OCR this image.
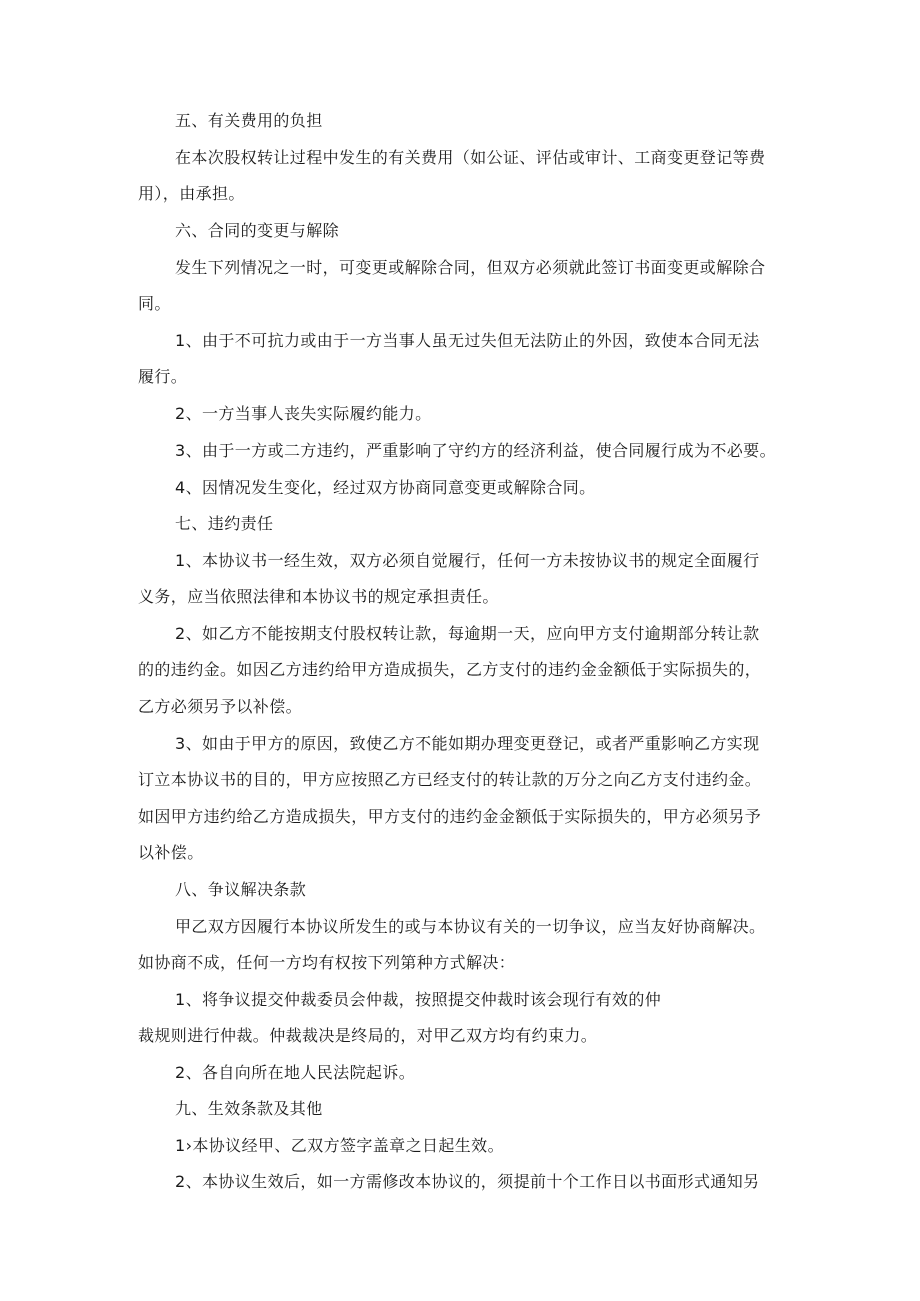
五、有关费用的负担
在本次股权转让过程中发生的有关费用（如公证、评估或审计、工商变更登记等费
用），由承担。
六、合同的变更与解除
发生下列情况之一时，可变更或解除合同，但双方必须就此签订书面变更或解除合
同。
1、由于不可抗力或由于一方当事人虽无过失但无法防止的外因，致使本合同无法
履行。
2、一方当事人丧失实际履约能力。
3、由于一方或二方违约，严重影响了守约方的经济利益，使合同履行成为不必要。
4、因情况发生变化，经过双方协商同意变更或解除合同。
七、违约责任
1、本协议书一经生效，双方必须自觉履行，任何一方未按协议书的规定全面履行
义务，应当依照法律和本协议书的规定承担责任。
2、如乙方不能按期支付股权转让款，每逾期一天，应向甲方支付逾期部分转让款
的的违约金。如因乙方违约给甲方造成损失，乙方支付的违约金金额低于实际损失的，
乙方必须另予以补偿。
3、如由于甲方的原因，致使乙方不能如期办理变更登记，或者严重影响乙方实现
订立本协议书的目的，甲方应按照乙方已经支付的转让款的万分之向乙方支付违约金。
如因甲方违约给乙方造成损失，甲方支付的违约金金额低于实际损失的，甲方必须另予
以补偿。
八、争议解决条款
甲乙双方因履行本协议所发生的或与本协议有关的一切争议，应当友好协商解决。
如协商不成，任何一方均有权按下列第种方式解决：
1、将争议提交仲裁委员会仲裁，按照提交仲裁时该会现行有效的仲
裁规则进行仲裁。仲裁裁决是终局的，对甲乙双方均有约束力。
2、各自向所在地人民法院起诉。
九、生效条款及其他
1›本协议经甲、乙双方签字盖章之日起生效。
2、本协议生效后，如一方需修改本协议的，须提前十个工作日以书面形式通知另
